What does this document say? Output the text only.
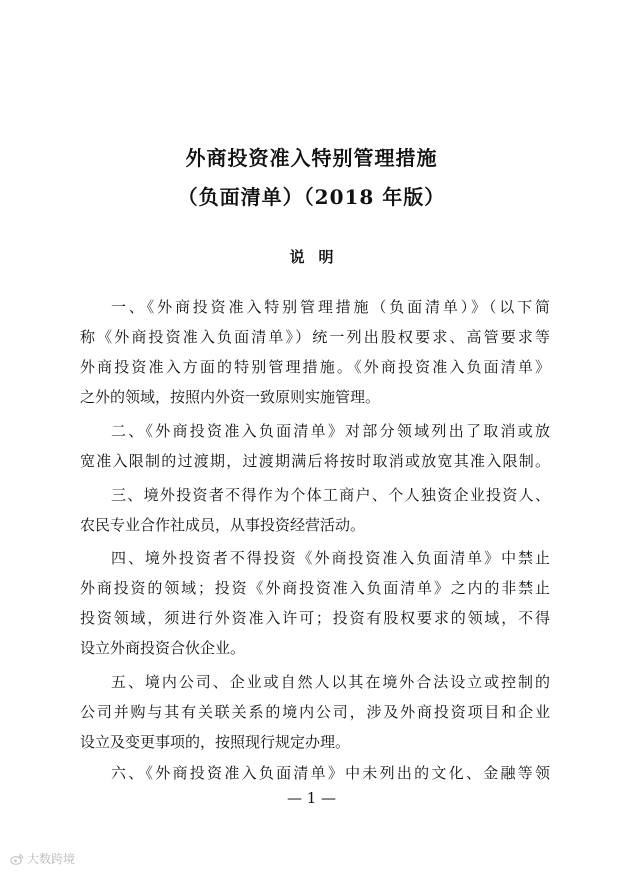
外商投资准入特别管理措施
（负面清单）（2018 年版）
说明
一、《外商投资准入特别管理措施（负面清单）》（以下简
称《外商投资准入负面清单》）统一列出股权要求、高管要求等
外商投资准入方面的特别管理措施。《外商投资准入负面清单》
之外的领域，按照内外资一致原则实施管理。
二、《外商投资准入负面清单》对部分领域列出了取消或放
宽准入限制的过渡期，过渡期满后将按时取消或放宽其准入限制。
三、境外投资者不得作为个体工商户、个人独资企业投资人、
农民专业合作社成员，从事投资经营活动。
四、境外投资者不得投资《外商投资准入负面清单》中禁止
外商投资的领域；投资《外商投资准入负面清单》之内的非禁止
投资领域，须进行外资准入许可；投资有股权要求的领域，不得
设立外商投资合伙企业。
五、境内公司、企业或自然人以其在境外合法设立或控制的
公司并购与其有关联关系的境内公司，涉及外商投资项目和企业
设立及变更事项的，按照现行规定办理。
六、《外商投资准入负面清单》中未列出的文化、金融等领
— 1 —
大数跨境
